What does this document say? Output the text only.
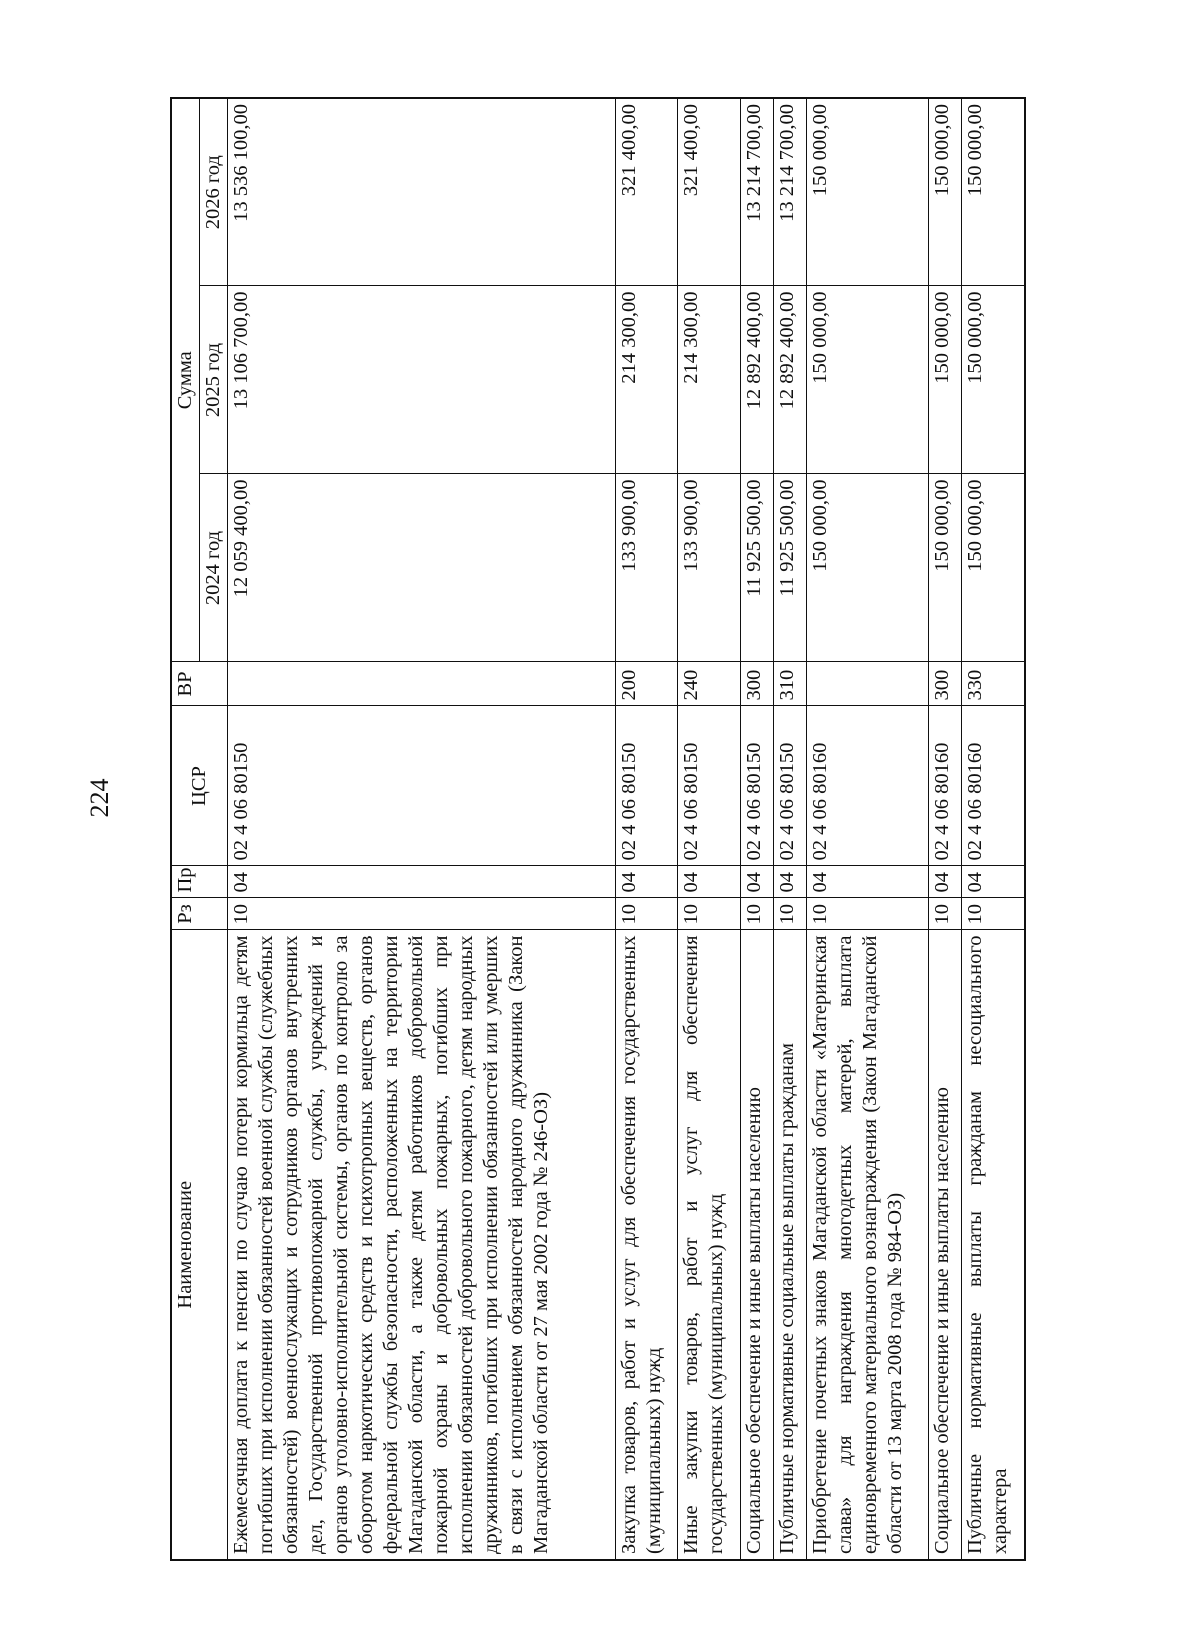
224
Наименование	Рз	Пр	ЦСР	ВР	Сумма		
					2024 год	2025 год	2026 год
Ежемесячная доплата к пенсии по случаю потери кормильца детям погибших при исполнении обязанностей военной службы (служебных обязанностей) военнослужащих и сотрудников органов внутренних дел, Государственной противопожарной службы, учреждений и органов уголовно-исполнительной системы, органов по контролю за оборотом наркотических средств и психотропных веществ, органов федеральной службы безопасности, расположенных на территории Магаданской области, а также детям работников добровольной пожарной охраны и добровольных пожарных, погибших при исполнении обязанностей добровольного пожарного, детям народных дружинников, погибших при исполнении обязанностей или умерших в связи с исполнением обязанностей народного дружинника (Закон Магаданской области от 27 мая 2002 года № 246-ОЗ)	10	04	02 4 06 80150		12 059 400,00	13 106 700,00	13 536 100,00
Закупка товаров, работ и услуг для обеспечения государственных (муниципальных) нужд	10	04	02 4 06 80150	200	133 900,00	214 300,00	321 400,00
Иные закупки товаров, работ и услуг для обеспечения государственных (муниципальных) нужд	10	04	02 4 06 80150	240	133 900,00	214 300,00	321 400,00
Социальное обеспечение и иные выплаты населению	10	04	02 4 06 80150	300	11 925 500,00	12 892 400,00	13 214 700,00
Публичные нормативные социальные выплаты гражданам	10	04	02 4 06 80150	310	11 925 500,00	12 892 400,00	13 214 700,00
Приобретение почетных знаков Магаданской области «Материнская слава» для награждения многодетных матерей, выплата единовременного материального вознаграждения (Закон Магаданской области от 13 марта 2008 года № 984-ОЗ)	10	04	02 4 06 80160		150 000,00	150 000,00	150 000,00
Социальное обеспечение и иные выплаты населению	10	04	02 4 06 80160	300	150 000,00	150 000,00	150 000,00
Публичные нормативные выплаты гражданам несоциального характера	10	04	02 4 06 80160	330	150 000,00	150 000,00	150 000,00
